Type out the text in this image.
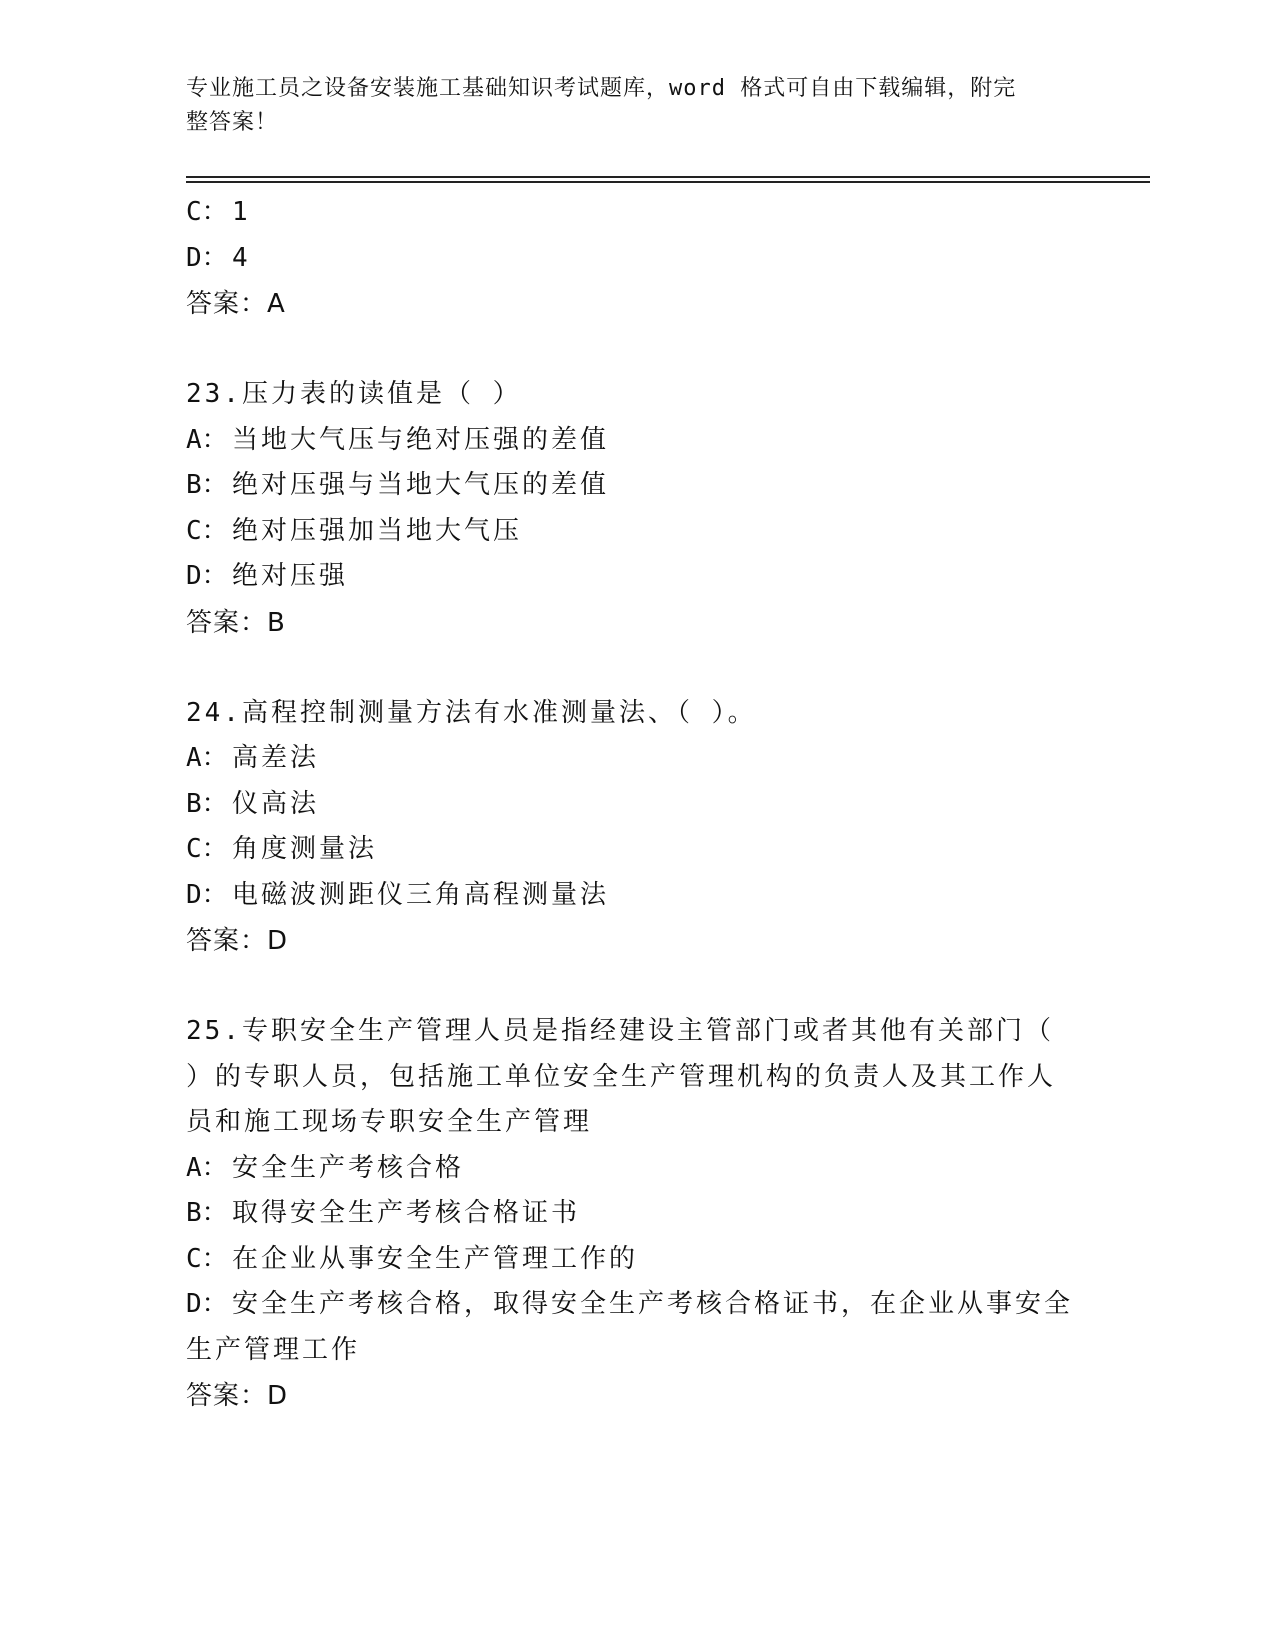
专业施工员之设备安装施工基础知识考试题库，word 格式可自由下载编辑，附完
整答案！
C： 1
D： 4
答案：A
23.压力表的读值是（ ）
A： 当地大气压与绝对压强的差值
B： 绝对压强与当地大气压的差值
C： 绝对压强加当地大气压
D： 绝对压强
答案：B
24.高程控制测量方法有水准测量法、（ ）。
A： 高差法
B： 仪高法
C： 角度测量法
D： 电磁波测距仪三角高程测量法
答案：D
25.专职安全生产管理人员是指经建设主管部门或者其他有关部门（
）的专职人员，包括施工单位安全生产管理机构的负责人及其工作人
员和施工现场专职安全生产管理
A： 安全生产考核合格
B： 取得安全生产考核合格证书
C： 在企业从事安全生产管理工作的
D： 安全生产考核合格，取得安全生产考核合格证书，在企业从事安全
生产管理工作
答案：D
